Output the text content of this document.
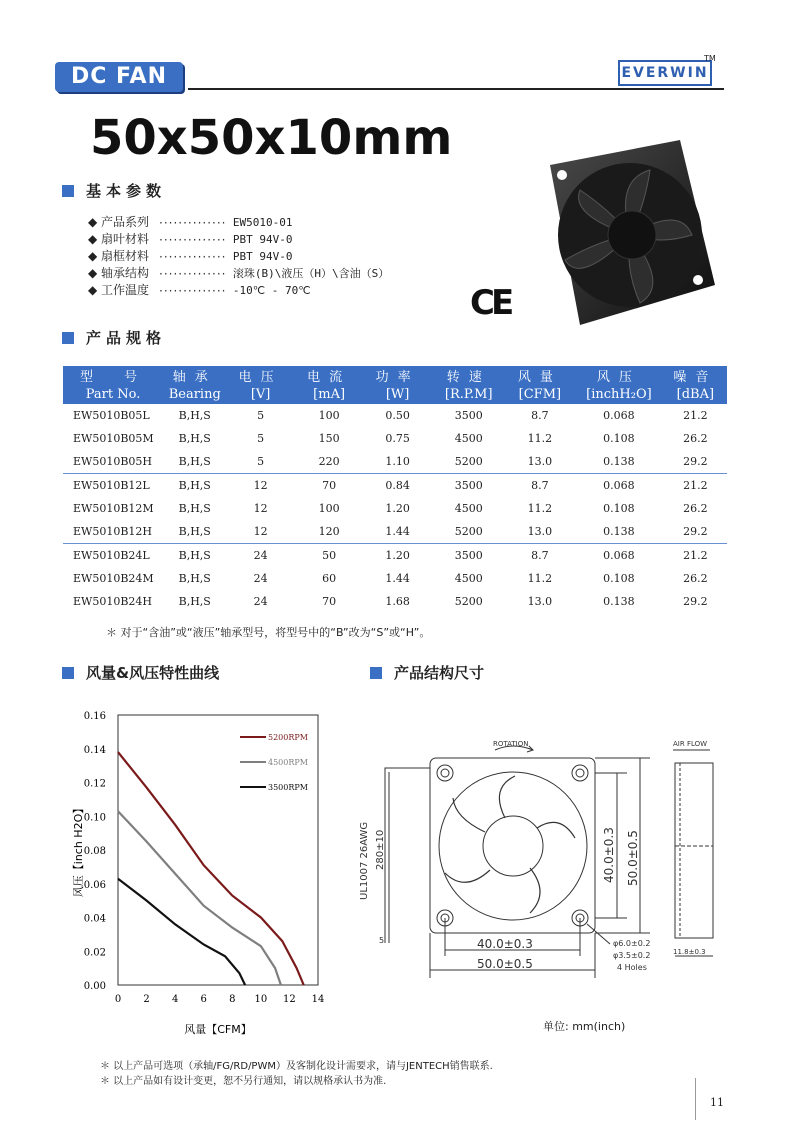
DC FAN	EVERWIN
TM
50x50x10mm
基本参数
◆ 产品系列 ·············· EW5010-01
◆ 扇叶材料 ·············· PBT 94V-0
◆ 扇框材料 ·············· PBT 94V-0
◆ 轴承结构 ·············· 滚珠(B)\液压（H）\含油（S）
◆ 工作温度 ·············· -10℃ - 70℃	CE
产品规格
型　号	轴承	电压	电流	功率	转速	风量	风压	噪音
Part No.	Bearing	[V]	[mA]	[W]	[R.P.M]	[CFM]	[inchH₂O]	[dBA]
EW5010B05L	B,H,S	5	100	0.50	3500	8.7	0.068	21.2
EW5010B05M	B,H,S	5	150	0.75	4500	11.2	0.108	26.2
EW5010B05H	B,H,S	5	220	1.10	5200	13.0	0.138	29.2
EW5010B12L	B,H,S	12	70	0.84	3500	8.7	0.068	21.2
EW5010B12M	B,H,S	12	100	1.20	4500	11.2	0.108	26.2
EW5010B12H	B,H,S	12	120	1.44	5200	13.0	0.138	29.2
EW5010B24L	B,H,S	24	50	1.20	3500	8.7	0.068	21.2
EW5010B24M	B,H,S	24	60	1.44	4500	11.2	0.108	26.2
EW5010B24H	B,H,S	24	70	1.68	5200	13.0	0.138	29.2
＊ 对于“含油”或“液压”轴承型号，将型号中的“B”改为“S”或“H”。
风量&风压特性曲线	产品结构尺寸
0.00
0.02
0.04
0.06
0.08
0.10
0.12
0.14
0.16
0 2 4 6 8 10 12 14
风压【inch H2O】
风量【CFM】
5200RPM
4500RPM
3500RPM
ROTATION
UL1007 26AWG 280±10
5
40.0±0.3 50.0±0.5
40.0±0.3
50.0±0.5
φ6.0±0.2
φ3.5±0.2
4 Holes
AIR FLOW
11.8±0.3
单位: mm(inch)
＊ 以上产品可选项（承轴/FG/RD/PWM）及客制化设计需要求，请与JENTECH销售联系.
＊ 以上产品如有设计变更，恕不另行通知，请以规格承认书为准.
11
